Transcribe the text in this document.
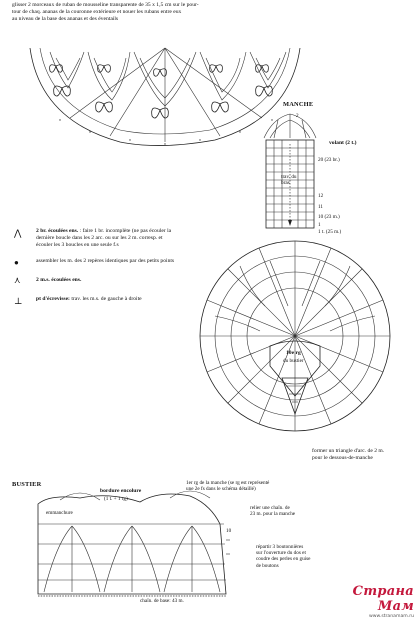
glisser 2 morceaux de ruban de mousseline transparente de 35 x 1,5 cm sur le pour-
tour de chaq. ananas de la couronne extérieure et nouer les rubans entre eux
au niveau de la base des ananas et des éventails
MANCHE
2
volant (2 t.)
trav. du bras
20 (23 br.)
12
11
10 (23 m.)
1
1 t. (25 m.)
⋀	2 br. écoulées ens. : faire 1 br. incomplète (ne pas écouler la dernière boucle dans les 2 arc. ou sur les 2 m. corresp. et écouler les 3 boucles en une seule f.s
●	assembler les m. des 2 repères identiques par des petits points
⋏	2 m.s. écoulées ens.
⊥ pt d'écrevisse: trav. les m.s. de gauche à droite
10e rg
du bustier
former un triangle d'arc. de 2 m.
pour le dessous-de-manche
BUSTIER
bordure encolure
(1 t. + 1 rg)
emmanchure
1er rg de la manche (se rg est représenté
une 2e fs dans le schéma détaillé)
relier une chaîn. de
23 m. pour la manche
10
répartir 3 boutonnières
sur l'ouverture du dos et
coudre des perles en guise
de boutons
chaîn. de base: 43 m.
Страна Мам
www.stranamam.ru
